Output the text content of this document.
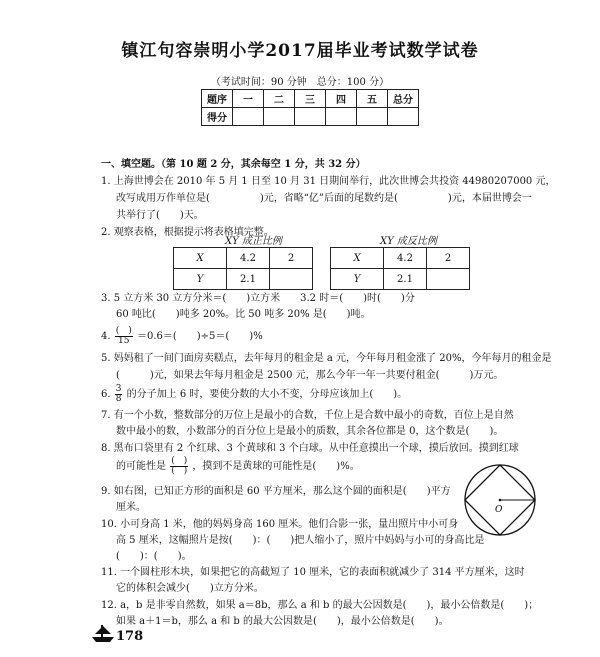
镇江句容崇明小学2017届毕业考试数学试卷
（考试时间：90 分钟　总分：100 分）
题序	一	二	三	四	五	总分
得分						
一、填空题。（第 10 题 2 分，其余每空 1 分，共 32 分）
1. 上海世博会在 2010 年 5 月 1 日至 10 月 31 日期间举行，此次世博会共投资 44980207000 元，
改写成用万作单位是(　　　　　)元，省略“亿”后面的尾数约是(　　　　　)元，本届世博会一
共举行了(　　)天。
2. 观察表格，根据提示将表格填完整。
XY 成正比例
X	4.2	2
Y	2.1	
XY 成反比例
X	4.2	2
Y	2.1	
3. 5 立方米 30 立方分米＝(　　)立方米　　3.2 时＝(　　)时(　　)分
60 吨比(　　)吨多 20%。比 50 吨多 20% 是(　　)吨。
4. $\frac{( )}{15} =0.6=$(　　)÷5＝(　　)%
5. 妈妈租了一间门面房卖糕点，去年每月的租金是 a 元，今年每月租金涨了 20%，今年每月的租金是
(　　　)元，如果去年每月租金是 2500 元，那么今年一年一共要付租金(　　　)万元。
6. $\frac{3}{8}$ 的分子加上 6 时，要使分数的大小不变，分母应该加上(　　)。
7. 有一个小数，整数部分的万位上是最小的合数，千位上是合数中最小的奇数，百位上是自然
数中最小的数，小数部分的百分位上是最小的质数，其余各位都是 0，这个数是(　　)。
8. 黑布口袋里有 2 个红球、3 个黄球和 3 个白球。从中任意摸出一个球，摸后放回。摸到红球
的可能性是 $\frac{( )}{( )}$ ，摸到不是黄球的可能性是(　　)%。
9. 如右图，已知正方形的面积是 60 平方厘米，那么这个圆的面积是(　　)平方
厘米。
10. 小可身高 1 米，他的妈妈身高 160 厘米。他们合影一张，量出照片中小可身
高 5 厘米，这幅照片是按(　　)：(　　)把人缩小了，照片中妈妈与小可的身高比是
(　　)：(　　)。
11. 一个圆柱形木块，如果把它的高截短了 10 厘米，它的表面积就减少了 314 平方厘米，这时
它的体积会减少(　　)立方分米。
12. a，b 是非零自然数，如果 a＝8b，那么 a 和 b 的最大公因数是(　　)，最小公倍数是(　　)；
如果 a＋1＝b，那么 a 和 b 的最大公因数是(　　)，最小公倍数是(　　)。
O
178
